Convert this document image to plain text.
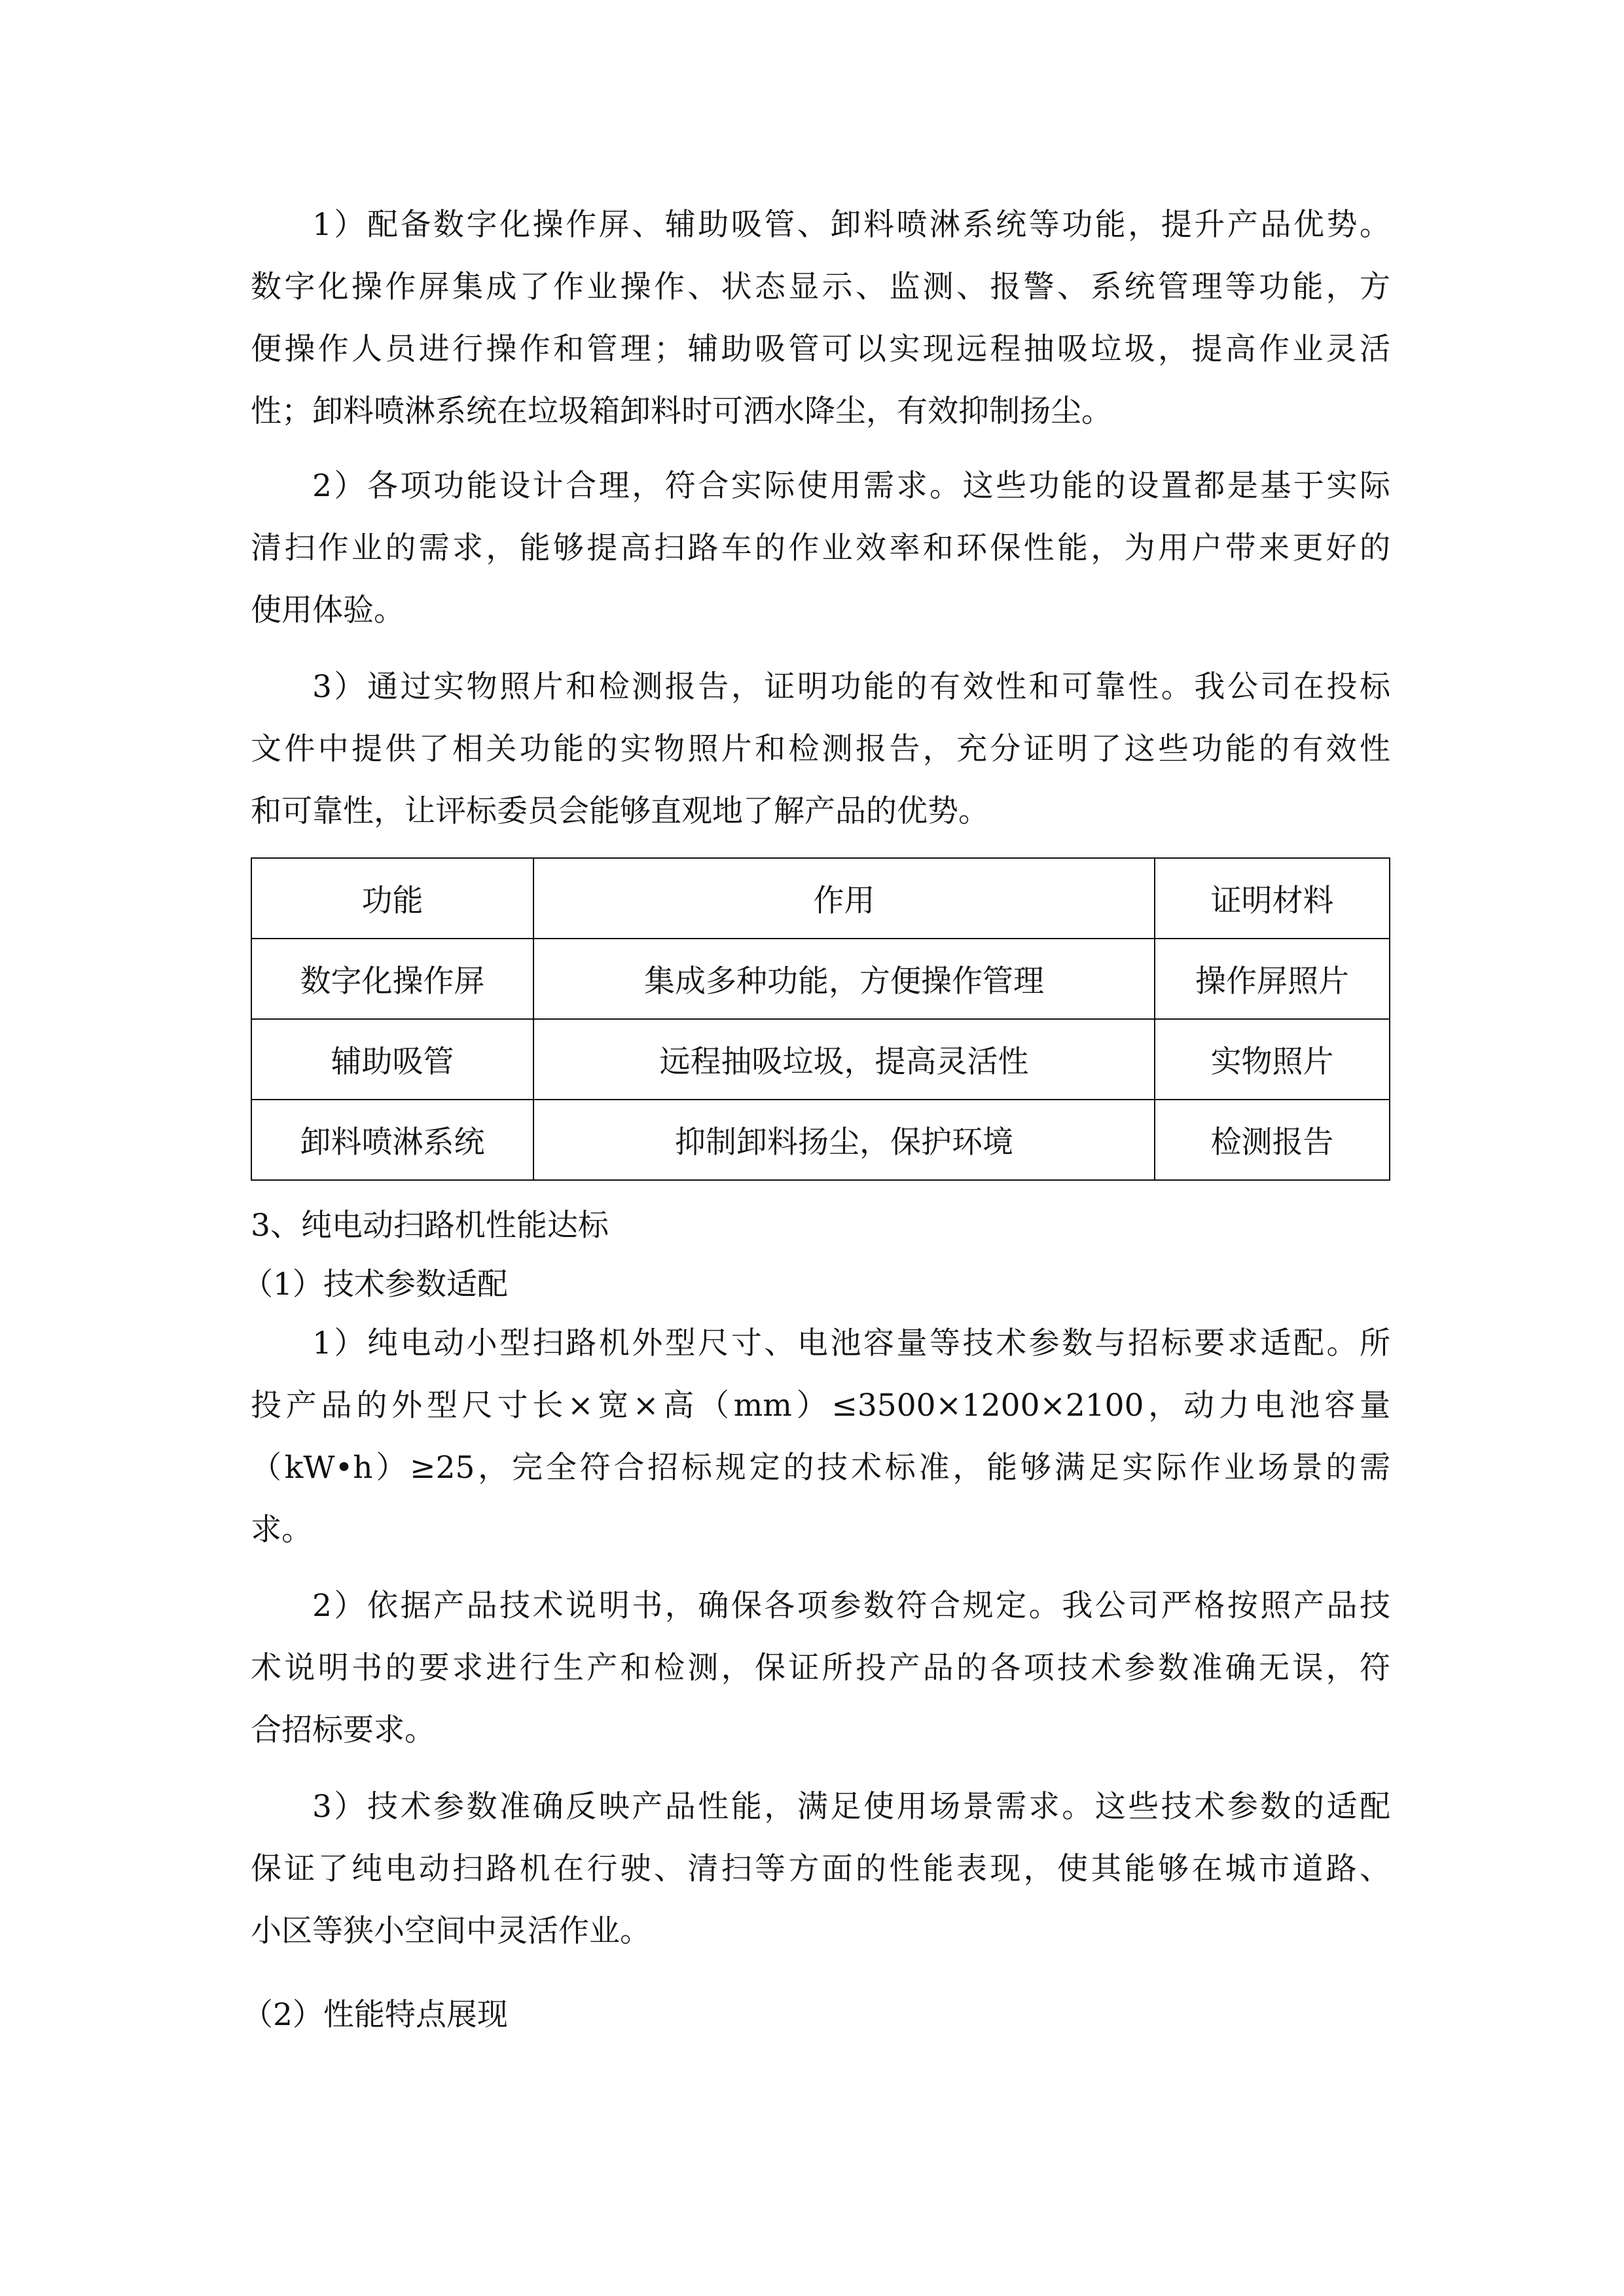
1）配备数字化操作屏、辅助吸管、卸料喷淋系统等功能，提升产品优势。
数字化操作屏集成了作业操作、状态显示、监测、报警、系统管理等功能，方
便操作人员进行操作和管理；辅助吸管可以实现远程抽吸垃圾，提高作业灵活
性；卸料喷淋系统在垃圾箱卸料时可洒水降尘，有效抑制扬尘。
2）各项功能设计合理，符合实际使用需求。这些功能的设置都是基于实际
清扫作业的需求，能够提高扫路车的作业效率和环保性能，为用户带来更好的
使用体验。
3）通过实物照片和检测报告，证明功能的有效性和可靠性。我公司在投标
文件中提供了相关功能的实物照片和检测报告，充分证明了这些功能的有效性
和可靠性，让评标委员会能够直观地了解产品的优势。
功能	作用	证明材料
数字化操作屏	集成多种功能，方便操作管理	操作屏照片
辅助吸管	远程抽吸垃圾，提高灵活性	实物照片
卸料喷淋系统	抑制卸料扬尘，保护环境	检测报告
3、纯电动扫路机性能达标
（1）技术参数适配
1）纯电动小型扫路机外型尺寸、电池容量等技术参数与招标要求适配。所
投产品的外型尺寸长×宽×高（mm）≤3500×1200×2100，动力电池容量
（kW•h）≥25，完全符合招标规定的技术标准，能够满足实际作业场景的需
求。
2）依据产品技术说明书，确保各项参数符合规定。我公司严格按照产品技
术说明书的要求进行生产和检测，保证所投产品的各项技术参数准确无误，符
合招标要求。
3）技术参数准确反映产品性能，满足使用场景需求。这些技术参数的适配
保证了纯电动扫路机在行驶、清扫等方面的性能表现，使其能够在城市道路、
小区等狭小空间中灵活作业。
（2）性能特点展现
